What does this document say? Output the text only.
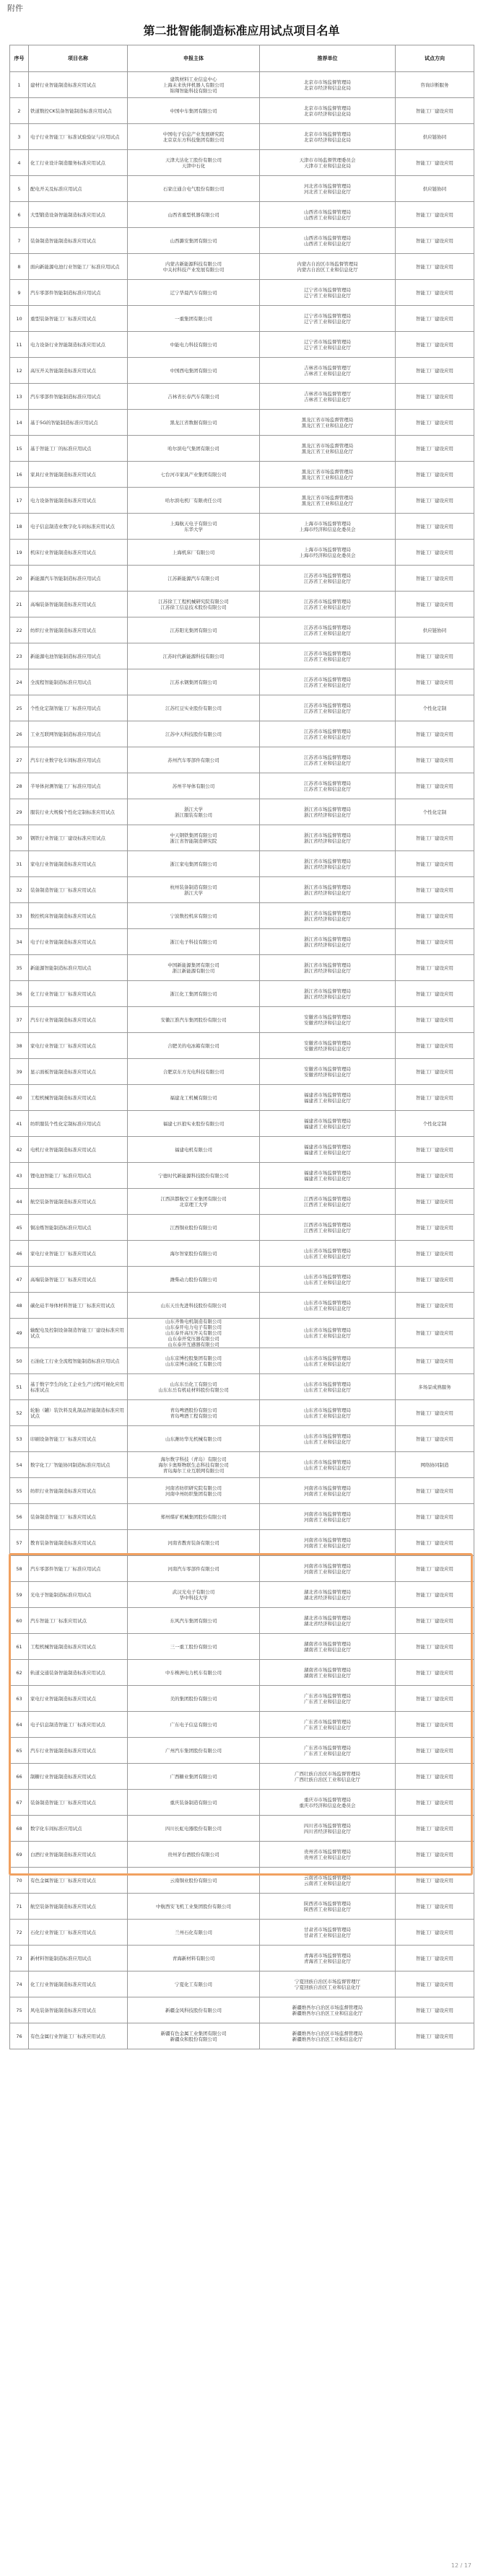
附件
第二批智能制造标准应用试点项目名单
序号	项目名称	申报主体	推荐单位	试点方向
1	建材行业智能制造标准应用试点	建筑材料工业信息中心
上海未来伙伴机器人有限公司
锦翔智能科技有限公司	北京市市场监督管理局
北京市经济和信息化局	咨询诊断服务
2	铁道数控CK装备智能制造标准应用试点	中国中车集团有限公司	北京市市场监督管理局
北京市经济和信息化局	智能工厂建设应用
3	电子行业智能工厂标准试验验证与应用试点	中国电子信息产业发展研究院
北京京东方科技集团有限公司	北京市市场监督管理局
北京市经济和信息化局	供应链协同
4	化工行业设计制造服务标准应用试点	天津大沽化工股份有限公司
天津中石化	天津市市场监督管理委员会
天津市工业和信息化局	智能工厂建设应用
5	配电开关及标准应用试点	石家庄通合电气股份有限公司	河北省市场监督管理局
河北省工业和信息化厅	供应链协同
6	大型锻造设备智能制造标准应用试点	山西省重型机器有限公司	山西省市场监督管理局
山西省工业和信息化厅	智能工厂建设应用
7	装备制造智能制造标准应用试点	山西潞安集团有限公司	山西省市场监督管理局
山西省工业和信息化厅	智能工厂建设应用
8	面向新能源电池行业智能工厂标准应用试点	内蒙古新能源科技有限公司
中关村科技产业发展有限公司	内蒙古自治区市场监督管理局
内蒙古自治区工业和信息化厅	智能工厂建设应用
9	汽车零部件智能制造标准应用试点	辽宁华晨汽车有限公司	辽宁省市场监督管理局
辽宁省工业和信息化厅	智能工厂建设应用
10	重型装备智能工厂标准应用试点	一重集团有限公司	辽宁省市场监督管理局
辽宁省工业和信息化厅	智能工厂建设应用
11	电力设备行业智能制造标准应用试点	中能电力科技有限公司	辽宁省市场监督管理局
辽宁省工业和信息化厅	智能工厂建设应用
12	高压开关智能制造标准应用试点	中国西电集团有限公司	吉林省市场监督管理厅
吉林省工业和信息化厅	智能工厂建设应用
13	汽车零部件智能制造标准应用试点	吉林省长春汽车有限公司	吉林省市场监督管理厅
吉林省工业和信息化厅	智能工厂建设应用
14	基于5G的智能制造标准应用试点	黑龙江省数据有限公司	黑龙江省市场监督管理局
黑龙江省工业和信息化厅	智能工厂建设应用
15	基于智能工厂的标准应用试点	哈尔滨电气集团有限公司	黑龙江省市场监督管理局
黑龙江省工业和信息化厅	智能工厂建设应用
16	家具行业智能制造标准应用试点	七台河市家具产业集团有限公司	黑龙江省市场监督管理局
黑龙江省工业和信息化厅	智能工厂建设应用
17	电力设备智能制造标准应用试点	哈尔滨电机厂有限责任公司	黑龙江省市场监督管理局
黑龙江省工业和信息化厅	智能工厂建设应用
18	电子信息制造业数字化车间标准应用试点	上海航天电子有限公司
东华大学	上海市市场监督管理局
上海市经济和信息化委员会	智能工厂建设应用
19	机床行业智能制造标准应用试点	上海机床厂有限公司	上海市市场监督管理局
上海市经济和信息化委员会	智能工厂建设应用
20	新能源汽车智能制造标准应用试点	江苏新能源汽车有限公司	江苏省市场监督管理局
江苏省工业和信息化厅	智能工厂建设应用
21	高端装备智能制造标准应用试点	江苏徐工工程机械研究院有限公司
江苏徐工信息技术股份有限公司	江苏省市场监督管理局
江苏省工业和信息化厅	智能工厂建设应用
22	纺织行业智能制造标准应用试点	江苏阳光集团有限公司	江苏省市场监督管理局
江苏省工业和信息化厅	供应链协同
23	新能源电池智能制造标准应用试点	江苏时代新能源科技有限公司	江苏省市场监督管理局
江苏省工业和信息化厅	智能工厂建设应用
24	全流程智能制造标准应用试点	江苏永钢集团有限公司	江苏省市场监督管理局
江苏省工业和信息化厅	智能工厂建设应用
25	个性化定制智能工厂标准应用试点	江苏红豆实业股份有限公司	江苏省市场监督管理局
江苏省工业和信息化厅	个性化定制
26	工业互联网智能制造标准应用试点	江苏中天科技股份有限公司	江苏省市场监督管理局
江苏省工业和信息化厅	智能工厂建设应用
27	汽车行业数字化车间标准应用试点	苏州汽车零部件有限公司	江苏省市场监督管理局
江苏省工业和信息化厅	智能工厂建设应用
28	半导体封测智能工厂标准应用试点	苏州半导体有限公司	江苏省市场监督管理局
江苏省工业和信息化厅	智能工厂建设应用
29	服装行业大规模个性化定制标准应用试点	浙江大学
浙江服装有限公司	浙江省市场监督管理局
浙江省经济和信息化厅	个性化定制
30	钢铁行业智能工厂建设标准应用试点	中天钢铁集团有限公司
浙江省智能制造研究院	浙江省市场监督管理局
浙江省经济和信息化厅	智能工厂建设应用
31	家电行业智能制造标准应用试点	浙江家电集团有限公司	浙江省市场监督管理局
浙江省经济和信息化厅	智能工厂建设应用
32	装备制造智能工厂标准应用试点	杭州装备制造有限公司
浙江大学	浙江省市场监督管理局
浙江省经济和信息化厅	智能工厂建设应用
33	数控机床智能制造标准应用试点	宁波数控机床有限公司	浙江省市场监督管理局
浙江省经济和信息化厅	智能工厂建设应用
34	电子行业智能制造标准应用试点	浙江电子科技有限公司	浙江省市场监督管理局
浙江省经济和信息化厅	智能工厂建设应用
35	新能源智能制造标准应用试点	中国新能源集团有限公司
浙江新能源有限公司	浙江省市场监督管理局
浙江省经济和信息化厅	智能工厂建设应用
36	化工行业智能工厂标准应用试点	浙江化工集团有限公司	浙江省市场监督管理局
浙江省经济和信息化厅	智能工厂建设应用
37	汽车行业智能制造标准应用试点	安徽江淮汽车集团股份有限公司	安徽省市场监督管理局
安徽省经济和信息化厅	智能工厂建设应用
38	家电行业智能工厂标准应用试点	合肥美的电冰箱有限公司	安徽省市场监督管理局
安徽省经济和信息化厅	智能工厂建设应用
39	显示面板智能制造标准应用试点	合肥京东方光电科技有限公司	安徽省市场监督管理局
安徽省经济和信息化厅	智能工厂建设应用
40	工程机械智能制造标准应用试点	福建龙工机械有限公司	福建省市场监督管理局
福建省工业和信息化厅	智能工厂建设应用
41	纺织服装个性化定制标准应用试点	福建七匹狼实业股份有限公司	福建省市场监督管理局
福建省工业和信息化厅	个性化定制
42	电机行业智能制造标准应用试点	福建电机有限公司	福建省市场监督管理局
福建省工业和信息化厅	智能工厂建设应用
43	锂电池智能工厂标准应用试点	宁德时代新能源科技股份有限公司	福建省市场监督管理局
福建省工业和信息化厅	智能工厂建设应用
44	航空装备智能制造标准应用试点	江西洪都航空工业集团有限公司
北京理工大学	江西省市场监督管理局
江西省工业和信息化厅	智能工厂建设应用
45	铜冶炼智能制造标准应用试点	江西铜业股份有限公司	江西省市场监督管理局
江西省工业和信息化厅	智能工厂建设应用
46	家电行业智能工厂标准应用试点	海尔智家股份有限公司	山东省市场监督管理局
山东省工业和信息化厅	智能工厂建设应用
47	高端装备智能工厂标准应用试点	潍柴动力股份有限公司	山东省市场监督管理局
山东省工业和信息化厅	智能工厂建设应用
48	碳化硅半导体材料智能工厂标准应用试点	山东天岳先进科技股份有限公司	山东省市场监督管理局
山东省工业和信息化厅	智能工厂建设应用
49	输配电及控制设备制造智能工厂建设标准应用试点	山东齐鲁电机制造有限公司
山东泰开电力电子有限公司
山东泰开高压开关有限公司
山东泰开变压器有限公司
山东泰开互感器有限公司	山东省市场监督管理局
山东省工业和信息化厅	智能工厂建设应用
50	石油化工行业全流程智能制造标准应用试点	山东京博控股集团有限公司
山东京博石油化工有限公司	山东省市场监督管理局
山东省工业和信息化厅	智能工厂建设应用
51	基于数字孪生的化工企业生产过程可视化应用标准试点	山东东岳化工有限公司
山东东岳有机硅材料股份有限公司	山东省市场监督管理局
山东省工业和信息化厅	多场景成熟服务
52	轮胎（罐）装饮料及乳制品智能制造标准应用试点	青岛啤酒股份有限公司
青岛啤酒工程有限公司	山东省市场监督管理局
山东省工业和信息化厅	智能工厂建设应用
53	印刷设备智能工厂标准应用试点	山东潍坊华光机械有限公司	山东省市场监督管理局
山东省工业和信息化厅	智能工厂建设应用
54	数字化工厂智能协同制造标准应用试点	海尔数字科技（青岛）有限公司
海尔卡奥斯物联生态科技有限公司
青岛海尔工业互联网有限公司	山东省市场监督管理局
山东省工业和信息化厅	网络协同制造
55	纺织行业智能制造标准应用试点	河南省纺织研究院有限公司
河南中州纺织集团有限公司	河南省市场监督管理局
河南省工业和信息化厅	智能工厂建设应用
56	装备制造智能工厂标准应用试点	郑州煤矿机械集团股份有限公司	河南省市场监督管理局
河南省工业和信息化厅	智能工厂建设应用
57	教育装备智能制造标准应用试点	河南省教育装备有限公司	河南省市场监督管理局
河南省工业和信息化厅	智能工厂建设应用
58	汽车零部件智能工厂标准应用试点	河南汽车零部件有限公司	河南省市场监督管理局
河南省工业和信息化厅	智能工厂建设应用
59	光电子智能制造标准应用试点	武汉光电子有限公司
华中科技大学	湖北省市场监督管理局
湖北省经济和信息化厅	智能工厂建设应用
60	汽车智能工厂标准应用试点	东风汽车集团有限公司	湖北省市场监督管理局
湖北省经济和信息化厅	智能工厂建设应用
61	工程机械智能制造标准应用试点	三一重工股份有限公司	湖南省市场监督管理局
湖南省工业和信息化厅	智能工厂建设应用
62	轨道交通装备智能制造标准应用试点	中车株洲电力机车有限公司	湖南省市场监督管理局
湖南省工业和信息化厅	智能工厂建设应用
63	家电行业智能制造标准应用试点	美的集团股份有限公司	广东省市场监督管理局
广东省工业和信息化厅	智能工厂建设应用
64	电子信息制造智能工厂标准应用试点	广东电子信息有限公司	广东省市场监督管理局
广东省工业和信息化厅	智能工厂建设应用
65	汽车行业智能制造标准应用试点	广州汽车集团股份有限公司	广东省市场监督管理局
广东省工业和信息化厅	智能工厂建设应用
66	制糖行业智能制造标准应用试点	广西糖业集团有限公司	广西壮族自治区市场监督管理局
广西壮族自治区工业和信息化厅	智能工厂建设应用
67	装备制造智能工厂标准应用试点	重庆装备制造有限公司	重庆市市场监督管理局
重庆市经济和信息化委员会	智能工厂建设应用
68	数字化车间标准应用试点	四川长虹电器股份有限公司	四川省市场监督管理局
四川省经济和信息化厅	智能工厂建设应用
69	白酒行业智能制造标准应用试点	贵州茅台酒股份有限公司	贵州省市场监督管理局
贵州省工业和信息化厅	智能工厂建设应用
70	有色金属智能工厂标准应用试点	云南铜业股份有限公司	云南省市场监督管理局
云南省工业和信息化厅	智能工厂建设应用
71	航空装备智能制造标准应用试点	中航西安飞机工业集团股份有限公司	陕西省市场监督管理局
陕西省工业和信息化厅	智能工厂建设应用
72	石化行业智能工厂标准应用试点	兰州石化有限公司	甘肃省市场监督管理局
甘肃省工业和信息化厅	智能工厂建设应用
73	新材料智能制造标准应用试点	青海新材料有限公司	青海省市场监督管理局
青海省工业和信息化厅	智能工厂建设应用
74	化工行业智能制造标准应用试点	宁夏化工有限公司	宁夏回族自治区市场监督管理厅
宁夏回族自治区工业和信息化厅	智能工厂建设应用
75	风电装备智能制造标准应用试点	新疆金风科技股份有限公司	新疆维吾尔自治区市场监督管理局
新疆维吾尔自治区工业和信息化厅	智能工厂建设应用
76	有色金属行业智能工厂标准应用试点	新疆有色金属工业集团有限公司
新疆众和股份有限公司	新疆维吾尔自治区市场监督管理局
新疆维吾尔自治区工业和信息化厅	智能工厂建设应用
12 / 17
